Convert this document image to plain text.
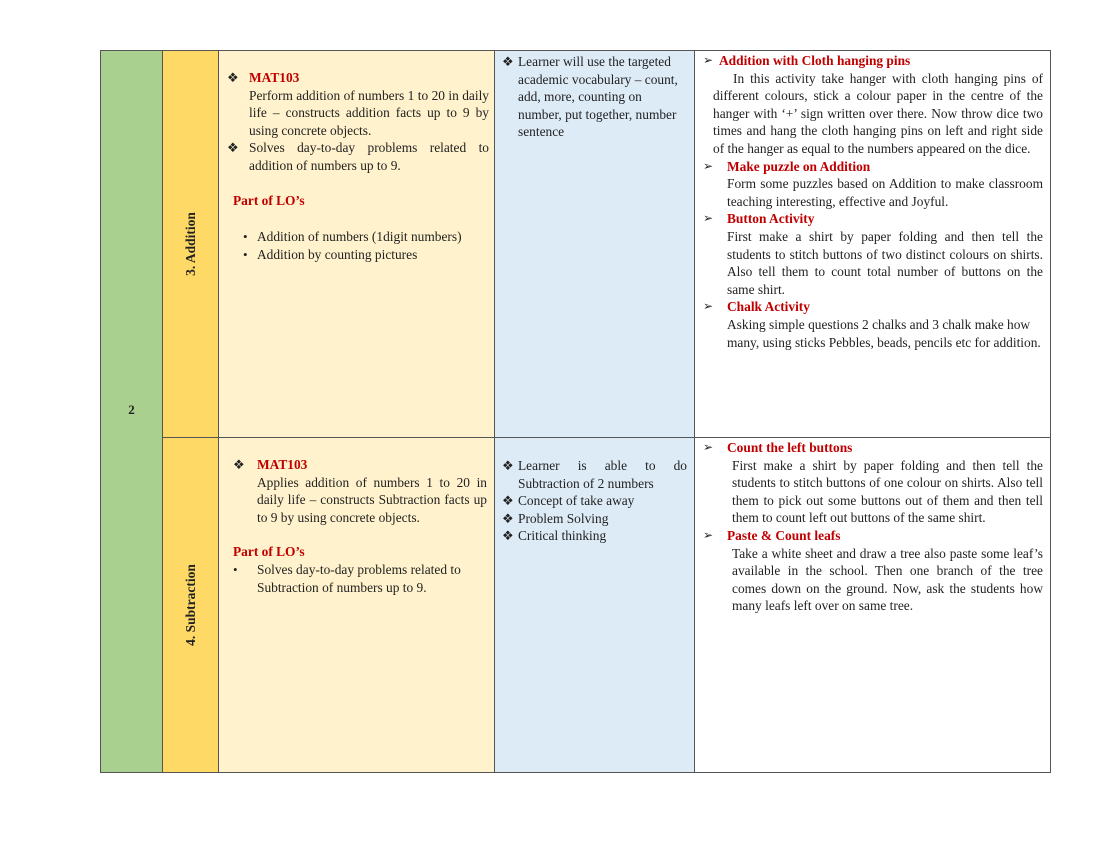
2
3. Addition
❖ MAT103
Perform addition of numbers 1 to 20 in daily life – constructs addition facts up to 9 by using concrete objects.
❖ Solves day-to-day problems related to addition of numbers up to 9.
Part of LO’s
• Addition of numbers (1digit numbers)
• Addition by counting pictures
❖ Learner will use the targeted academic vocabulary – count, add, more, counting on number, put together, number sentence
➢ Addition with Cloth hanging pins
In this activity take hanger with cloth hanging pins of different colours, stick a colour paper in the centre of the hanger with ‘+’ sign written over there. Now throw dice two times and hang the cloth hanging pins on left and right side of the hanger as equal to the numbers appeared on the dice.
➢ Make puzzle on Addition
Form some puzzles based on Addition to make classroom teaching interesting, effective and Joyful.
➢ Button Activity
First make a shirt by paper folding and then tell the students to stitch buttons of two distinct colours on shirts. Also tell them to count total number of buttons on the same shirt.
➢ Chalk Activity
Asking simple questions 2 chalks and 3 chalk make how many, using sticks Pebbles, beads, pencils etc for addition.
4. Subtraction
❖ MAT103
Applies addition of numbers 1 to 20 in daily life – constructs Subtraction facts up to 9 by using concrete objects.
Part of LO’s
• Solves day-to-day problems related to Subtraction of numbers up to 9.
❖ Learner is able to do Subtraction of 2 numbers
❖ Concept of take away
❖ Problem Solving
❖ Critical thinking
➢ Count the left buttons
First make a shirt by paper folding and then tell the students to stitch buttons of one colour on shirts. Also tell them to pick out some buttons out of them and then tell them to count left out buttons of the same shirt.
➢ Paste & Count leafs
Take a white sheet and draw a tree also paste some leaf’s available in the school. Then one branch of the tree comes down on the ground. Now, ask the students how many leafs left over on same tree.
